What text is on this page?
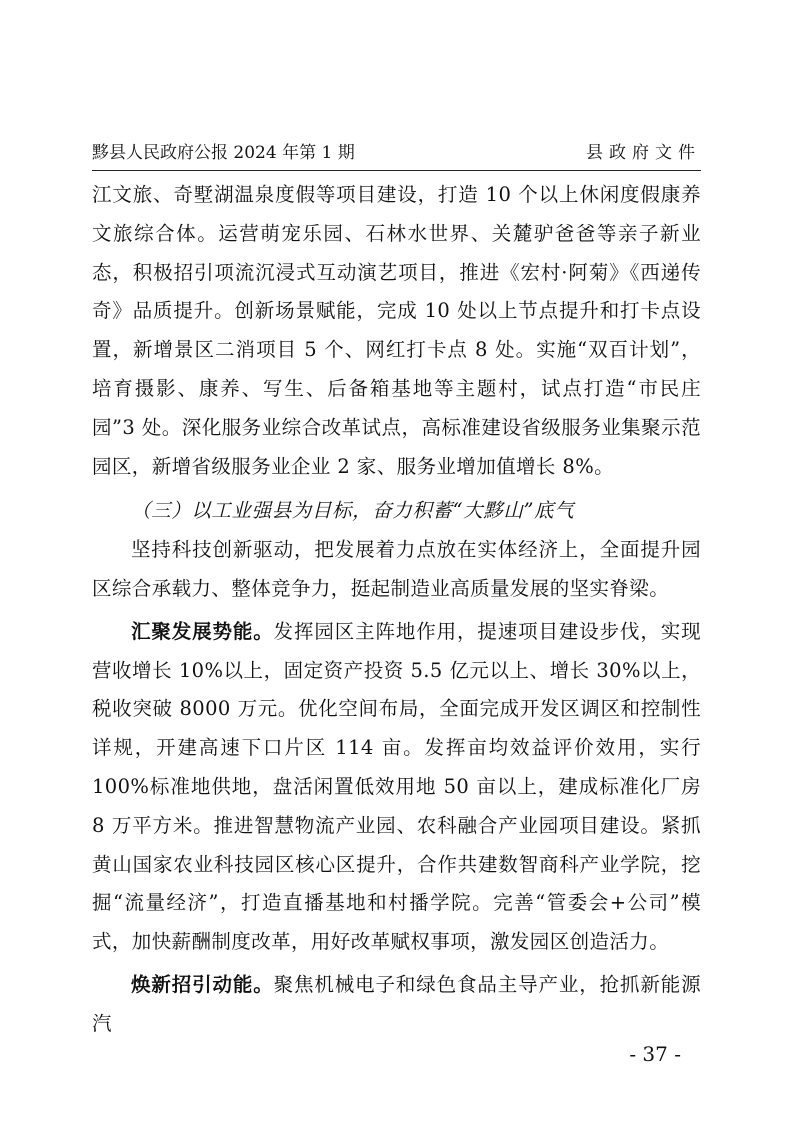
黟县人民政府公报 2024 年第 1 期	县政府文件

江文旅、奇墅湖温泉度假等项目建设，打造 10 个以上休闲度假康养文旅综合体。运营萌宠乐园、石林水世界、关麓驴爸爸等亲子新业态，积极招引项流沉浸式互动演艺项目，推进《宏村·阿菊》《西递传奇》品质提升。创新场景赋能，完成 10 处以上节点提升和打卡点设置，新增景区二消项目 5 个、网红打卡点 8 处。实施“双百计划”，培育摄影、康养、写生、后备箱基地等主题村，试点打造“市民庄园”3 处。深化服务业综合改革试点，高标准建设省级服务业集聚示范园区，新增省级服务业企业 2 家、服务业增加值增长 8%。

（三）以工业强县为目标，奋力积蓄“大黟山”底气

坚持科技创新驱动，把发展着力点放在实体经济上，全面提升园区综合承载力、整体竞争力，挺起制造业高质量发展的坚实脊梁。

汇聚发展势能。发挥园区主阵地作用，提速项目建设步伐，实现营收增长 10%以上，固定资产投资 5.5 亿元以上、增长 30%以上，税收突破 8000 万元。优化空间布局，全面完成开发区调区和控制性详规，开建高速下口片区 114 亩。发挥亩均效益评价效用，实行 100%标准地供地，盘活闲置低效用地 50 亩以上，建成标准化厂房 8 万平方米。推进智慧物流产业园、农科融合产业园项目建设。紧抓黄山国家农业科技园区核心区提升，合作共建数智商科产业学院，挖掘“流量经济”，打造直播基地和村播学院。完善“管委会+公司”模式，加快薪酬制度改革，用好改革赋权事项，激发园区创造活力。

焕新招引动能。聚焦机械电子和绿色食品主导产业，抢抓新能源汽

- 37 -
